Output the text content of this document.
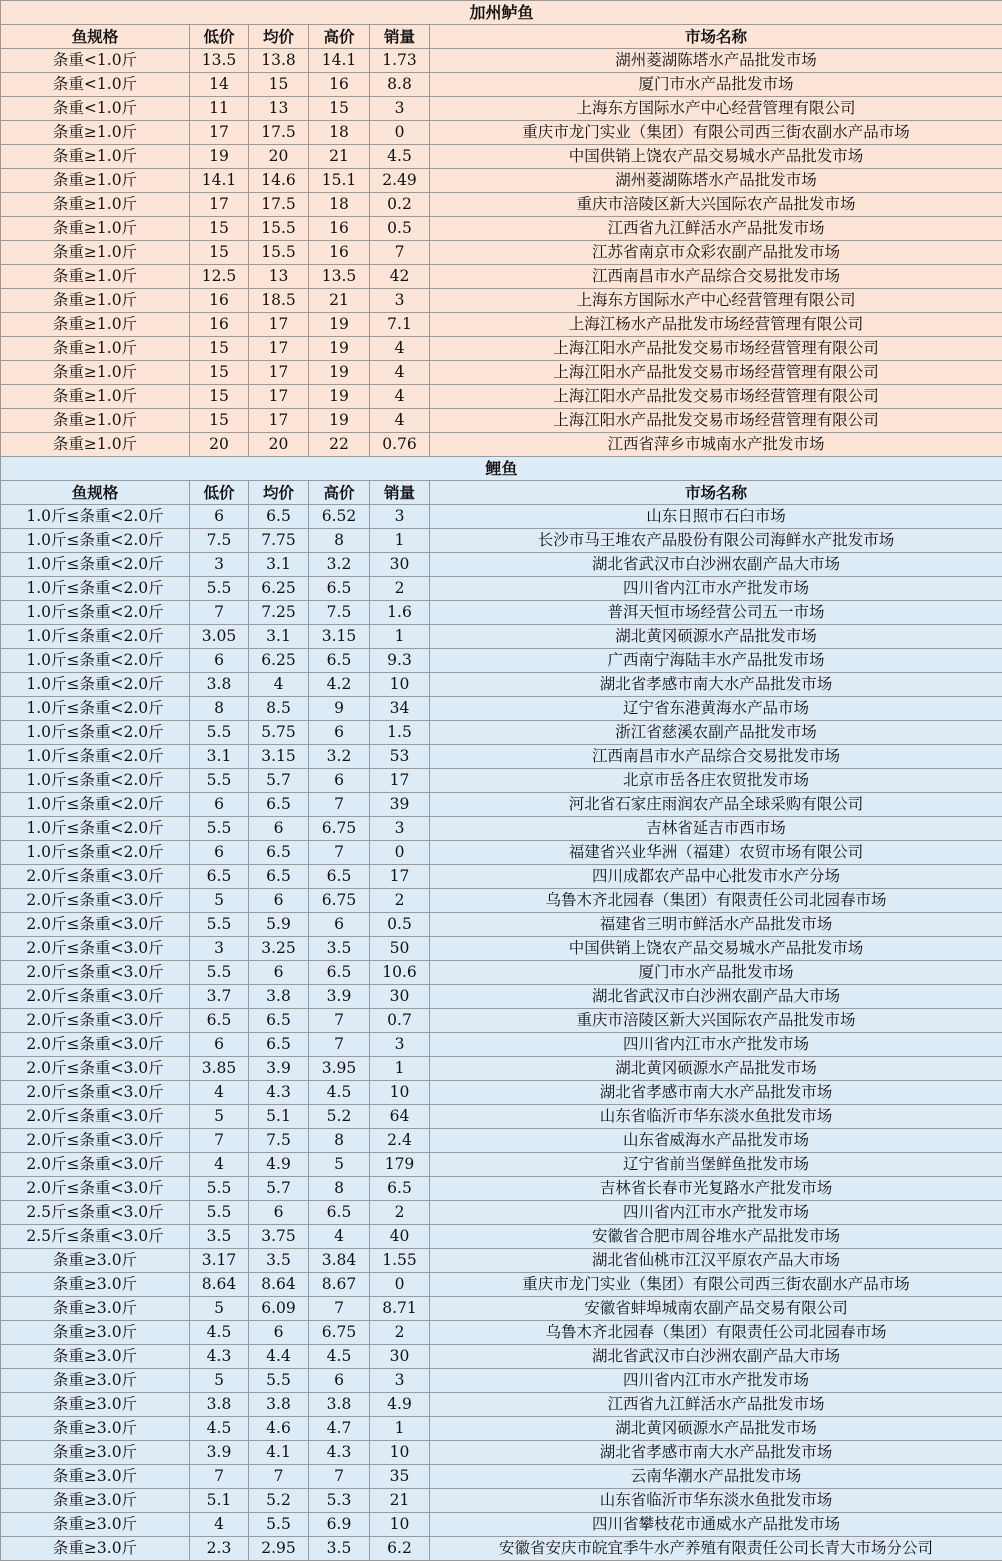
加州鲈鱼					
鱼规格	低价	均价	高价	销量	市场名称
条重<1.0斤	13.5	13.8	14.1	1.73	湖州菱湖陈塔水产品批发市场
条重<1.0斤	14	15	16	8.8	厦门市水产品批发市场
条重<1.0斤	11	13	15	3	上海东方国际水产中心经营管理有限公司
条重≥1.0斤	17	17.5	18	0	重庆市龙门实业（集团）有限公司西三街农副水产品市场
条重≥1.0斤	19	20	21	4.5	中国供销上饶农产品交易城水产品批发市场
条重≥1.0斤	14.1	14.6	15.1	2.49	湖州菱湖陈塔水产品批发市场
条重≥1.0斤	17	17.5	18	0.2	重庆市涪陵区新大兴国际农产品批发市场
条重≥1.0斤	15	15.5	16	0.5	江西省九江鲜活水产品批发市场
条重≥1.0斤	15	15.5	16	7	江苏省南京市众彩农副产品批发市场
条重≥1.0斤	12.5	13	13.5	42	江西南昌市水产品综合交易批发市场
条重≥1.0斤	16	18.5	21	3	上海东方国际水产中心经营管理有限公司
条重≥1.0斤	16	17	19	7.1	上海江杨水产品批发市场经营管理有限公司
条重≥1.0斤	15	17	19	4	上海江阳水产品批发交易市场经营管理有限公司
条重≥1.0斤	15	17	19	4	上海江阳水产品批发交易市场经营管理有限公司
条重≥1.0斤	15	17	19	4	上海江阳水产品批发交易市场经营管理有限公司
条重≥1.0斤	15	17	19	4	上海江阳水产品批发交易市场经营管理有限公司
条重≥1.0斤	20	20	22	0.76	江西省萍乡市城南水产批发市场
鲤鱼					
鱼规格	低价	均价	高价	销量	市场名称
1.0斤≤条重<2.0斤	6	6.5	6.52	3	山东日照市石臼市场
1.0斤≤条重<2.0斤	7.5	7.75	8	1	长沙市马王堆农产品股份有限公司海鲜水产批发市场
1.0斤≤条重<2.0斤	3	3.1	3.2	30	湖北省武汉市白沙洲农副产品大市场
1.0斤≤条重<2.0斤	5.5	6.25	6.5	2	四川省内江市水产批发市场
1.0斤≤条重<2.0斤	7	7.25	7.5	1.6	普洱天恒市场经营公司五一市场
1.0斤≤条重<2.0斤	3.05	3.1	3.15	1	湖北黄冈硕源水产品批发市场
1.0斤≤条重<2.0斤	6	6.25	6.5	9.3	广西南宁海陆丰水产品批发市场
1.0斤≤条重<2.0斤	3.8	4	4.2	10	湖北省孝感市南大水产品批发市场
1.0斤≤条重<2.0斤	8	8.5	9	34	辽宁省东港黄海水产品市场
1.0斤≤条重<2.0斤	5.5	5.75	6	1.5	浙江省慈溪农副产品批发市场
1.0斤≤条重<2.0斤	3.1	3.15	3.2	53	江西南昌市水产品综合交易批发市场
1.0斤≤条重<2.0斤	5.5	5.7	6	17	北京市岳各庄农贸批发市场
1.0斤≤条重<2.0斤	6	6.5	7	39	河北省石家庄雨润农产品全球采购有限公司
1.0斤≤条重<2.0斤	5.5	6	6.75	3	吉林省延吉市西市场
1.0斤≤条重<2.0斤	6	6.5	7	0	福建省兴业华洲（福建）农贸市场有限公司
2.0斤≤条重<3.0斤	6.5	6.5	6.5	17	四川成都农产品中心批发市水产分场
2.0斤≤条重<3.0斤	5	6	6.75	2	乌鲁木齐北园春（集团）有限责任公司北园春市场
2.0斤≤条重<3.0斤	5.5	5.9	6	0.5	福建省三明市鲜活水产品批发市场
2.0斤≤条重<3.0斤	3	3.25	3.5	50	中国供销上饶农产品交易城水产品批发市场
2.0斤≤条重<3.0斤	5.5	6	6.5	10.6	厦门市水产品批发市场
2.0斤≤条重<3.0斤	3.7	3.8	3.9	30	湖北省武汉市白沙洲农副产品大市场
2.0斤≤条重<3.0斤	6.5	6.5	7	0.7	重庆市涪陵区新大兴国际农产品批发市场
2.0斤≤条重<3.0斤	6	6.5	7	3	四川省内江市水产批发市场
2.0斤≤条重<3.0斤	3.85	3.9	3.95	1	湖北黄冈硕源水产品批发市场
2.0斤≤条重<3.0斤	4	4.3	4.5	10	湖北省孝感市南大水产品批发市场
2.0斤≤条重<3.0斤	5	5.1	5.2	64	山东省临沂市华东淡水鱼批发市场
2.0斤≤条重<3.0斤	7	7.5	8	2.4	山东省威海水产品批发市场
2.0斤≤条重<3.0斤	4	4.9	5	179	辽宁省前当堡鲜鱼批发市场
2.0斤≤条重<3.0斤	5.5	5.7	8	6.5	吉林省长春市光复路水产批发市场
2.5斤≤条重<3.0斤	5.5	6	6.5	2	四川省内江市水产批发市场
2.5斤≤条重<3.0斤	3.5	3.75	4	40	安徽省合肥市周谷堆水产品批发市场
条重≥3.0斤	3.17	3.5	3.84	1.55	湖北省仙桃市江汉平原农产品大市场
条重≥3.0斤	8.64	8.64	8.67	0	重庆市龙门实业（集团）有限公司西三街农副水产品市场
条重≥3.0斤	5	6.09	7	8.71	安徽省蚌埠城南农副产品交易有限公司
条重≥3.0斤	4.5	6	6.75	2	乌鲁木齐北园春（集团）有限责任公司北园春市场
条重≥3.0斤	4.3	4.4	4.5	30	湖北省武汉市白沙洲农副产品大市场
条重≥3.0斤	5	5.5	6	3	四川省内江市水产批发市场
条重≥3.0斤	3.8	3.8	3.8	4.9	江西省九江鲜活水产品批发市场
条重≥3.0斤	4.5	4.6	4.7	1	湖北黄冈硕源水产品批发市场
条重≥3.0斤	3.9	4.1	4.3	10	湖北省孝感市南大水产品批发市场
条重≥3.0斤	7	7	7	35	云南华潮水产品批发市场
条重≥3.0斤	5.1	5.2	5.3	21	山东省临沂市华东淡水鱼批发市场
条重≥3.0斤	4	5.5	6.9	10	四川省攀枝花市通威水产品批发市场
条重≥3.0斤	2.3	2.95	3.5	6.2	安徽省安庆市皖宜季牛水产养殖有限责任公司长青大市场分公司
